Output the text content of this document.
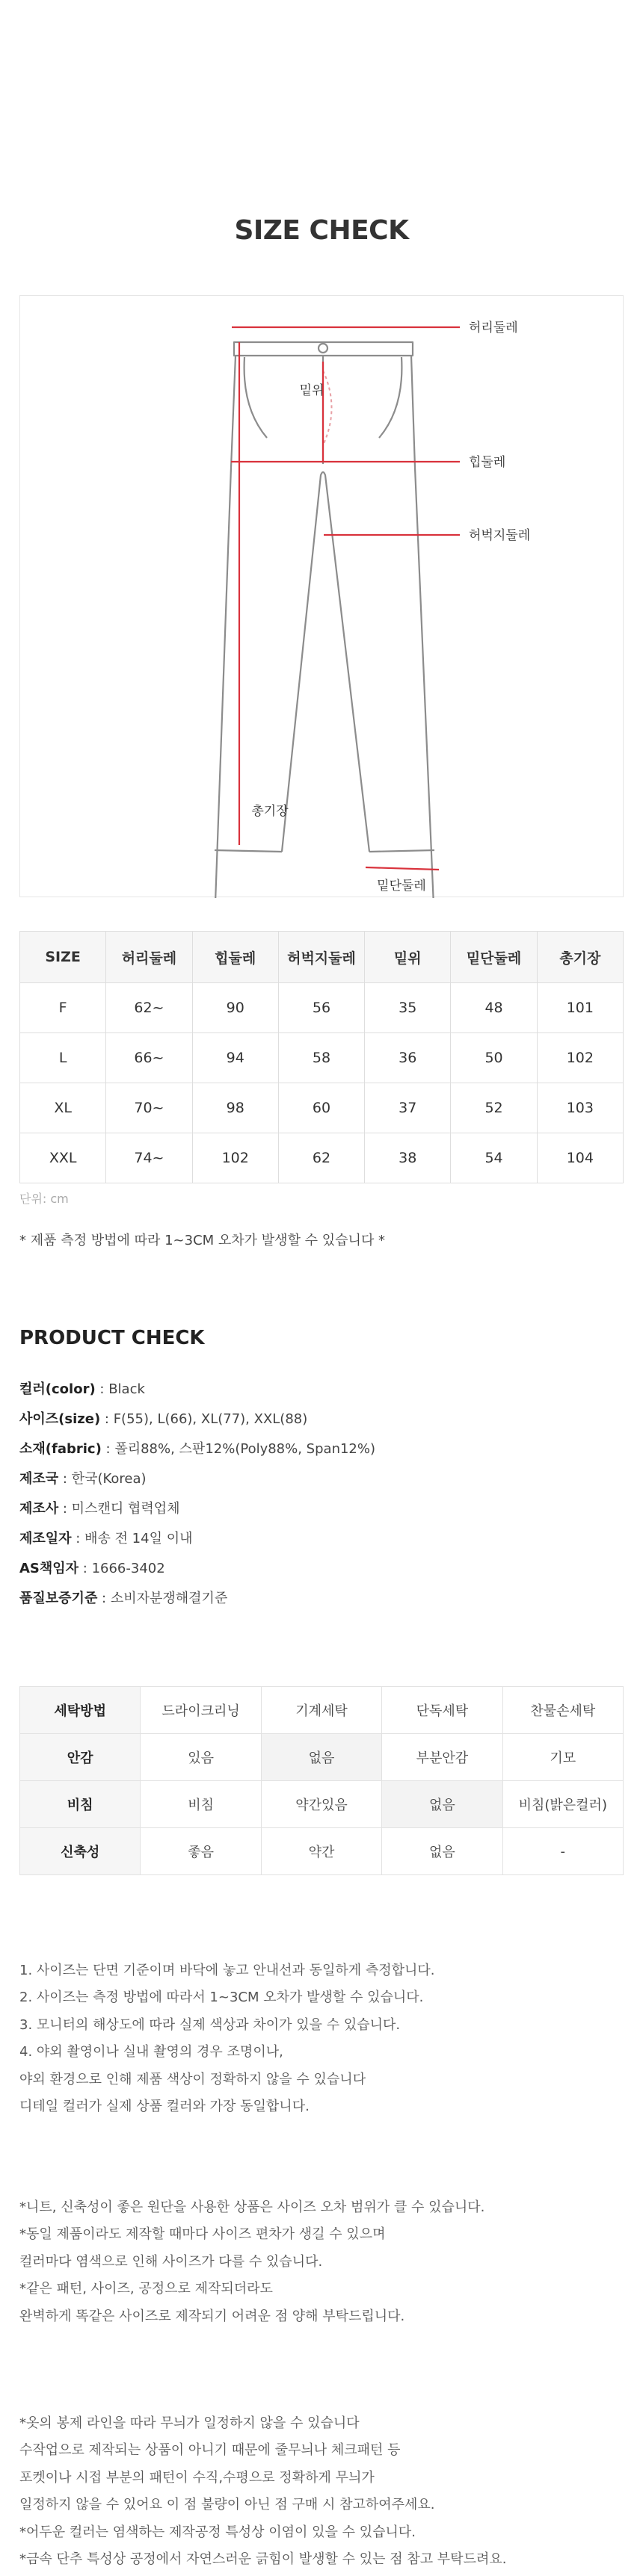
SIZE CHECK
허리둘레
밑위
힙둘레
허벅지둘레
총기장
밑단둘레
SIZE	허리둘레	힙둘레	허벅지둘레	밑위	밑단둘레	총기장
F	62~	90	56	35	48	101
L	66~	94	58	36	50	102
XL	70~	98	60	37	52	103
XXL	74~	102	62	38	54	104
단위: cm
* 제품 측정 방법에 따라 1~3CM 오차가 발생할 수 있습니다 *
PRODUCT CHECK
컬러(color) : Black
사이즈(size) : F(55), L(66), XL(77), XXL(88)
소재(fabric) : 폴리88%, 스판12%(Poly88%, Span12%)
제조국 : 한국(Korea)
제조사 : 미스캔디 협력업체
제조일자 : 배송 전 14일 이내
AS책임자 : 1666-3402
품질보증기준 : 소비자분쟁해결기준
세탁방법	드라이크리닝	기계세탁	단독세탁	찬물손세탁
안감	있음	없음	부분안감	기모
비침	비침	약간있음	없음	비침(밝은컬러)
신축성	좋음	약간	없음	-
1. 사이즈는 단면 기준이며 바닥에 놓고 안내선과 동일하게 측정합니다.
2. 사이즈는 측정 방법에 따라서 1~3CM 오차가 발생할 수 있습니다.
3. 모니터의 해상도에 따라 실제 색상과 차이가 있을 수 있습니다.
4. 야외 촬영이나 실내 촬영의 경우 조명이나,
야외 환경으로 인해 제품 색상이 정확하지 않을 수 있습니다
디테일 컬러가 실제 상품 컬러와 가장 동일합니다.
*니트, 신축성이 좋은 원단을 사용한 상품은 사이즈 오차 범위가 클 수 있습니다.
*동일 제품이라도 제작할 때마다 사이즈 편차가 생길 수 있으며
컬러마다 염색으로 인해 사이즈가 다를 수 있습니다.
*같은 패턴, 사이즈, 공정으로 제작되더라도
완벽하게 똑같은 사이즈로 제작되기 어려운 점 양해 부탁드립니다.
*옷의 봉제 라인을 따라 무늬가 일정하지 않을 수 있습니다
수작업으로 제작되는 상품이 아니기 때문에 줄무늬나 체크패턴 등
포켓이나 시접 부분의 패턴이 수직,수평으로 정확하게 무늬가
일정하지 않을 수 있어요 이 점 불량이 아닌 점 구매 시 참고하여주세요.
*어두운 컬러는 염색하는 제작공정 특성상 이염이 있을 수 있습니다.
*금속 단추 특성상 공정에서 자연스러운 긁힘이 발생할 수 있는 점 참고 부탁드려요.
